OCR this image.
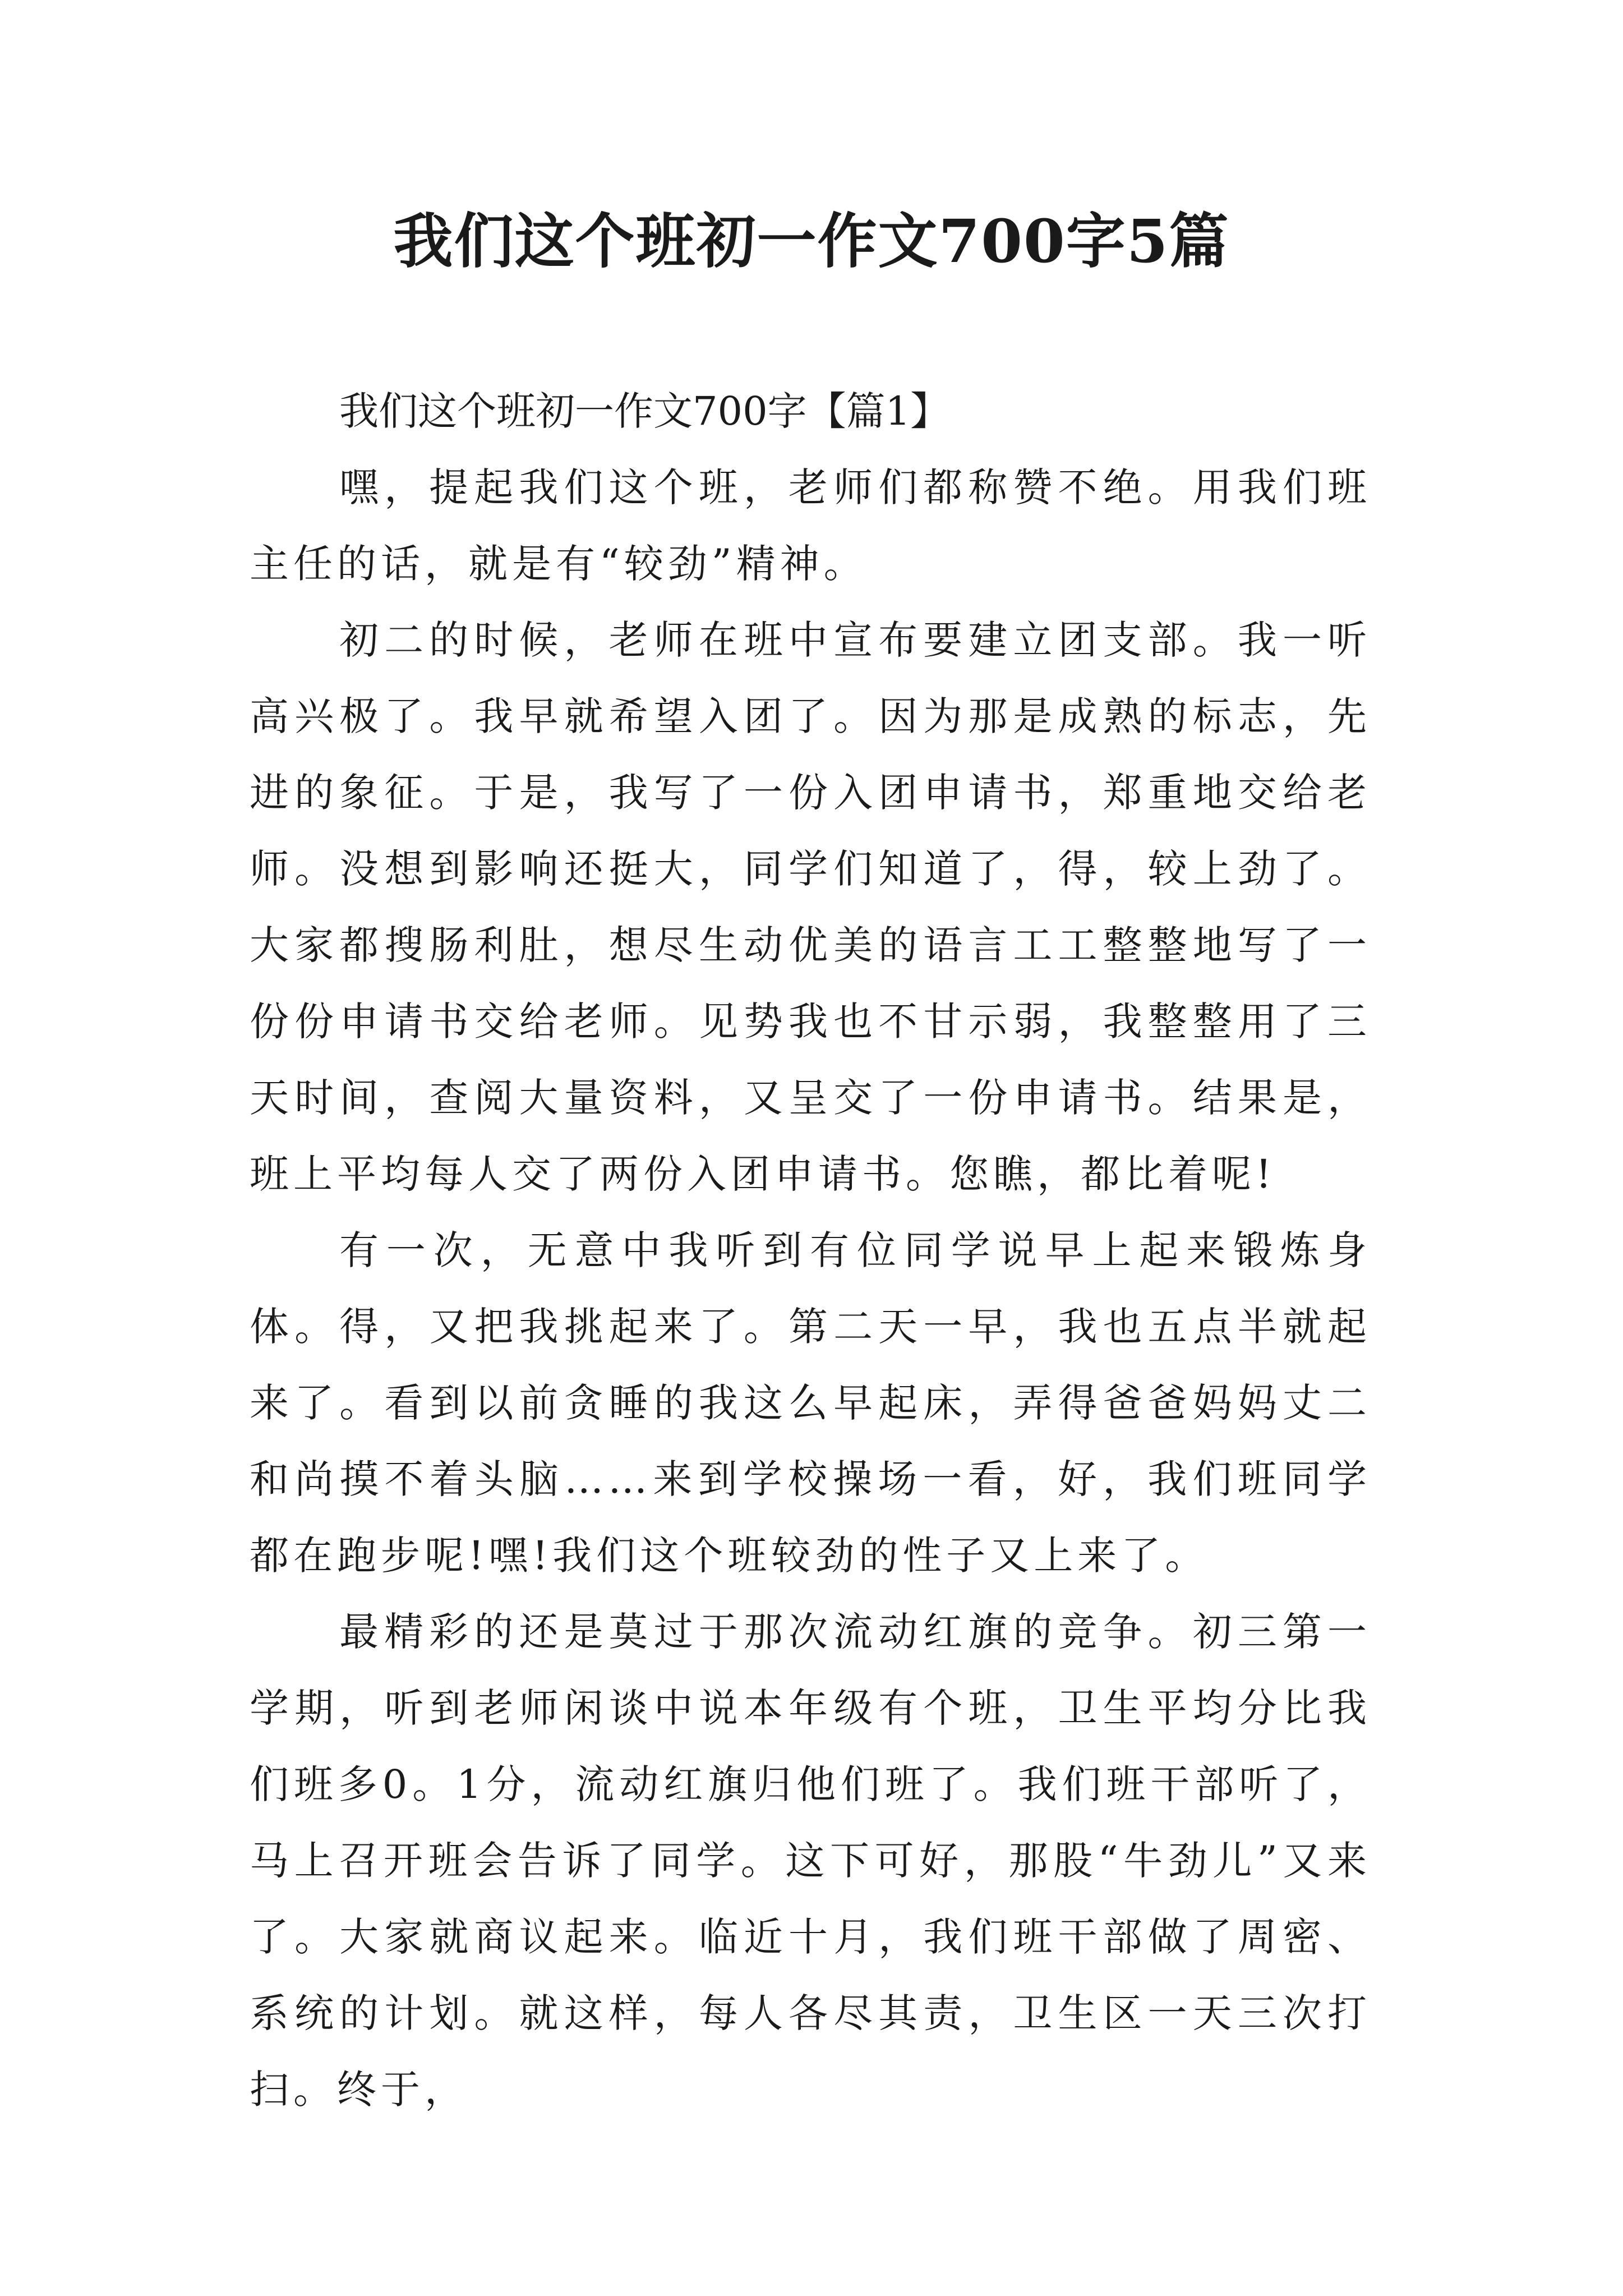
我们这个班初一作文700字5篇

我们这个班初一作文700字【篇1】

嘿，提起我们这个班，老师们都称赞不绝。用我们班主任的话，就是有“较劲”精神。

初二的时候，老师在班中宣布要建立团支部。我一听高兴极了。我早就希望入团了。因为那是成熟的标志，先进的象征。于是，我写了一份入团申请书，郑重地交给老师。没想到影响还挺大，同学们知道了，得，较上劲了。大家都搜肠利肚，想尽生动优美的语言工工整整地写了一份份申请书交给老师。见势我也不甘示弱，我整整用了三天时间，查阅大量资料，又呈交了一份申请书。结果是，班上平均每人交了两份入团申请书。您瞧，都比着呢!

有一次，无意中我听到有位同学说早上起来锻炼身体。得，又把我挑起来了。第二天一早，我也五点半就起来了。看到以前贪睡的我这么早起床，弄得爸爸妈妈丈二和尚摸不着头脑……来到学校操场一看，好，我们班同学都在跑步呢!嘿!我们这个班较劲的性子又上来了。

最精彩的还是莫过于那次流动红旗的竞争。初三第一学期，听到老师闲谈中说本年级有个班，卫生平均分比我们班多0。1分，流动红旗归他们班了。我们班干部听了，马上召开班会告诉了同学。这下可好，那股“牛劲儿”又来了。大家就商议起来。临近十月，我们班干部做了周密、系统的计划。就这样，每人各尽其责，卫生区一天三次打扫。终于，
